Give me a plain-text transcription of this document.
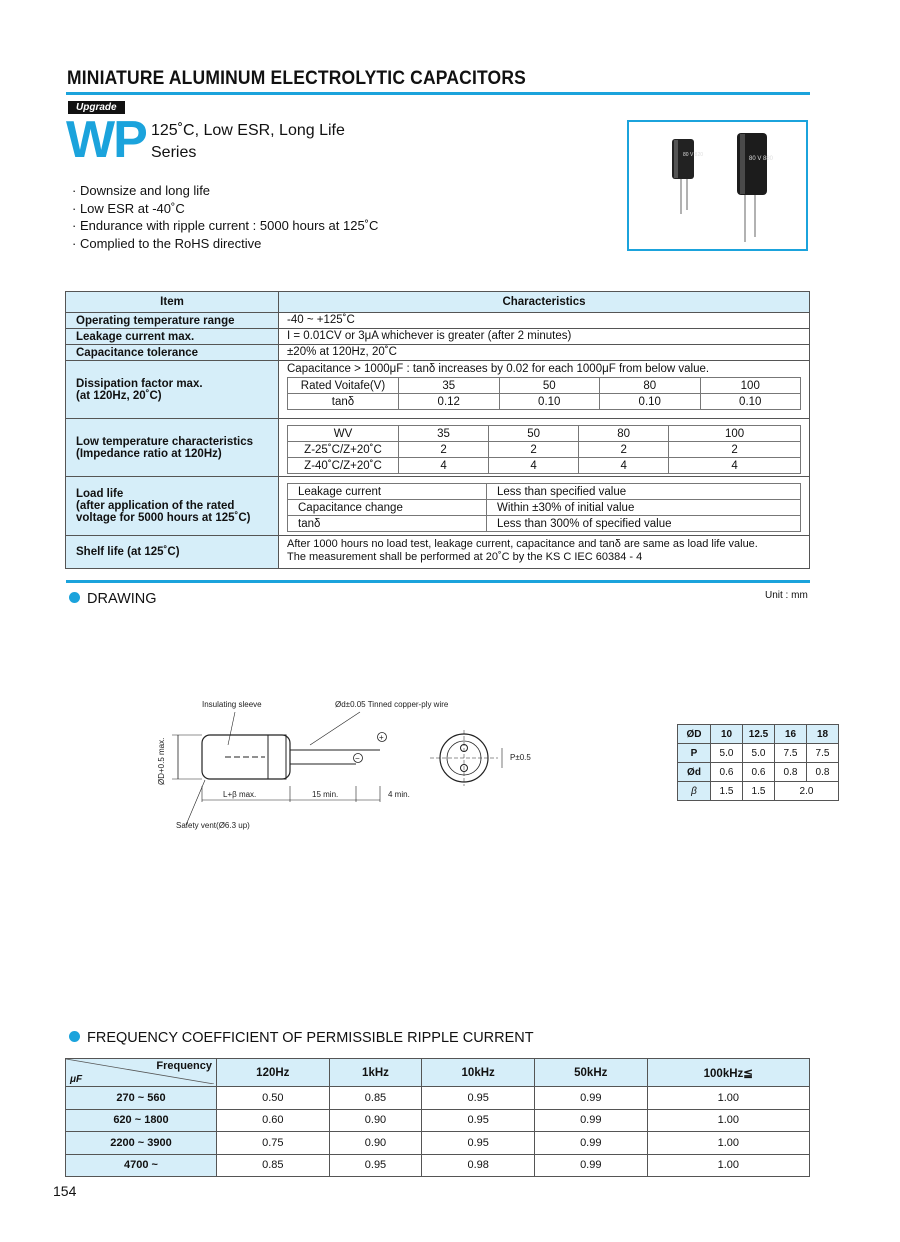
MINIATURE ALUMINUM ELECTROLYTIC CAPACITORS
Upgrade
WP 125˚C, Low ESR, Long Life
Series
· Downsize and long life
· Low ESR at -40˚C
· Endurance with ripple current : 5000 hours at 125˚C
· Complied to the RoHS directive
80 V 820
80 V 880
Item	Characteristics
Operating temperature range	-40 ~ +125˚C
Leakage current max.	I = 0.01CV or 3μA whichever is greater (after 2 minutes)
Capacitance tolerance	±20% at 120Hz, 20˚C

Dissipation factor max.
(at 120Hz, 20˚C)

Capacitance > 1000μF : tanδ increases by 0.02 for each 1000μF from below value.
Rated Voitafe(V)	35	50	80	100
tanδ	0.12	0.10	0.10	0.10

Low temperature characteristics
(Impedance ratio at 120Hz)

WV	35	50	80	100
Z-25˚C/Z+20˚C	2	2	2	2
Z-40˚C/Z+20˚C	4	4	4	4

Load life
(after application of the rated
voltage for 5000 hours at 125˚C)

Leakage current	Less than specified value
Capacitance change	Within ±30% of initial value
tanδ	Less than 300% of specified value

Shelf life (at 125˚C)	
After 1000 hours no load test, leakage current, capacitance and tanδ are same as load life value.
The measurement shall be performed at 20˚C by the KS C IEC 60384 - 4
DRAWING	Unit : mm
Insulating sleeve	Ød±0.05 Tinned copper-ply wire
ØD+0.5 max.
L+β max.	15 min.	4 min.
Safety vent(Ø6.3 up)
P±0.5
+
−
ØD	10	12.5	16	18
P	5.0	5.0	7.5	7.5
Ød	0.6	0.6	0.8	0.8
β	1.5	1.5	2.0	
FREQUENCY COEFFICIENT OF PERMISSIBLE RIPPLE CURRENT
Frequency
μF	120Hz	1kHz	10kHz	50kHz	100kHz≦
270 ~ 560	0.50	0.85	0.95	0.99	1.00
620 ~ 1800	0.60	0.90	0.95	0.99	1.00
2200 ~ 3900	0.75	0.90	0.95	0.99	1.00
4700 ~	0.85	0.95	0.98	0.99	1.00
154
